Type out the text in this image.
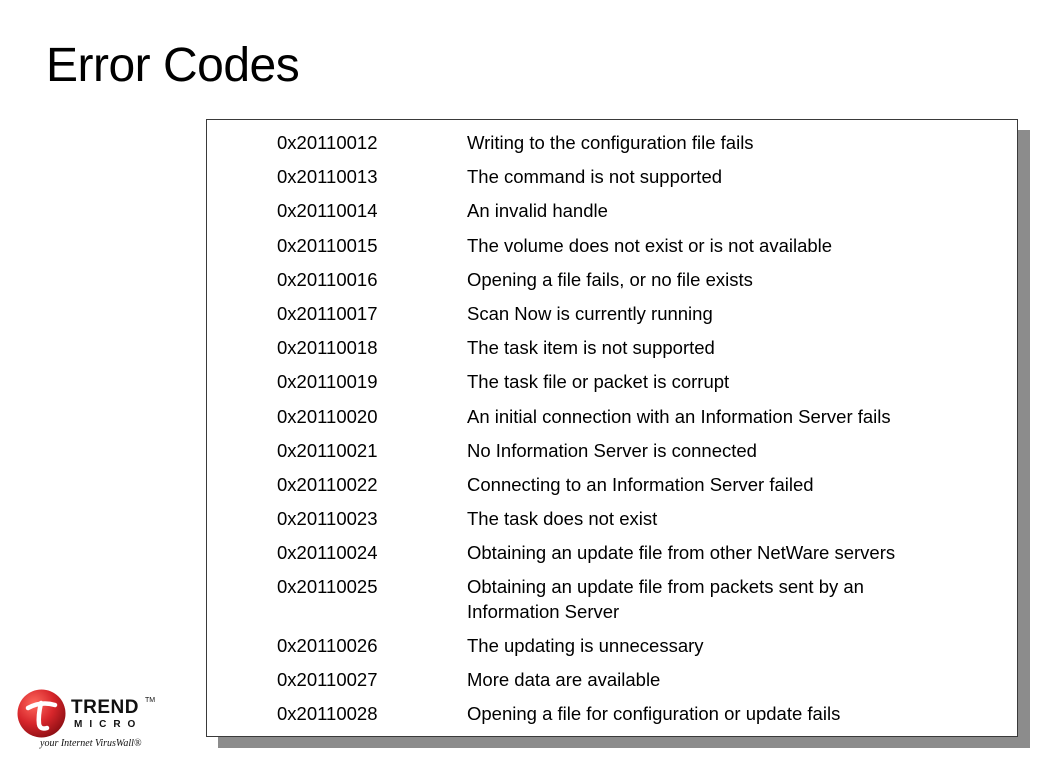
Error Codes
0x20110012	Writing to the configuration file fails
0x20110013	The command is not supported
0x20110014	An invalid handle
0x20110015	The volume does not exist or is not available
0x20110016	Opening a file fails, or no file exists
0x20110017	Scan Now is currently running
0x20110018	The task item is not supported
0x20110019	The task file or packet is corrupt
0x20110020	An initial connection with an Information Server fails
0x20110021	No Information Server is connected
0x20110022	Connecting to an Information Server failed
0x20110023	The task does not exist
0x20110024	Obtaining an update file from other NetWare servers
0x20110025	Obtaining an update file from packets sent by an Information Server
0x20110026	The updating is unnecessary
0x20110027	More data are available
0x20110028	Opening a file for configuration or update fails
TREND TM
MICRO
your Internet VirusWall®
